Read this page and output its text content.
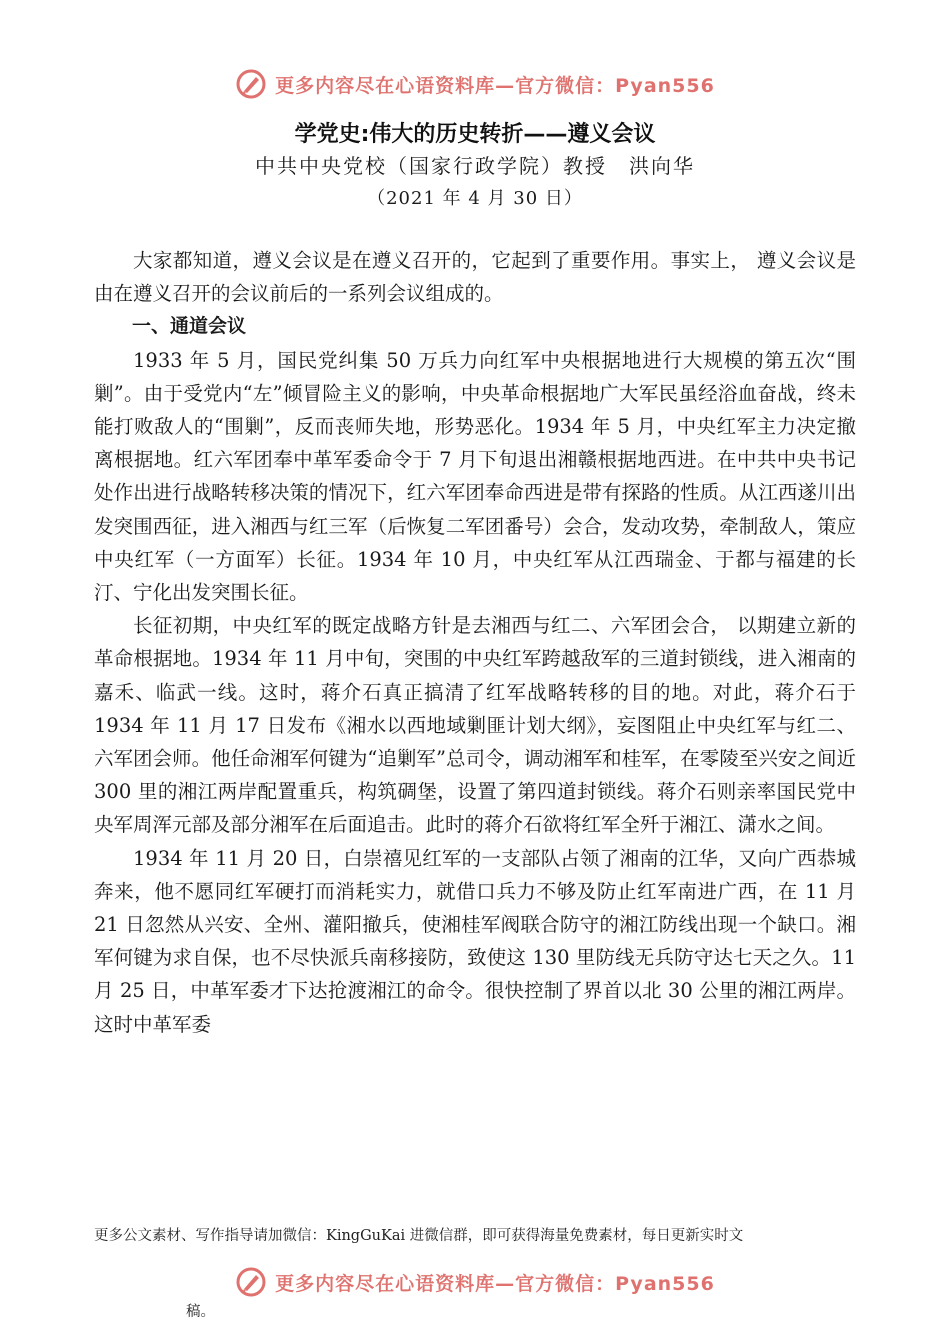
更多内容尽在心语资料库—官方微信：Pyan556
学党史:伟大的历史转折——遵义会议
中共中央党校（国家行政学院）教授　洪向华
（2021 年 4 月 30 日）

大家都知道，遵义会议是在遵义召开的，它起到了重要作用。事实上， 遵义会议是由在遵义召开的会议前后的一系列会议组成的。

一、通道会议

1933 年 5 月，国民党纠集 50 万兵力向红军中央根据地进行大规模的第五次“围剿”。由于受党内“左”倾冒险主义的影响，中央革命根据地广大军民虽经浴血奋战，终未能打败敌人的“围剿”，反而丧师失地，形势恶化。1934 年 5 月，中央红军主力决定撤离根据地。红六军团奉中革军委命令于 7 月下旬退出湘赣根据地西进。在中共中央书记处作出进行战略转移决策的情况下，红六军团奉命西进是带有探路的性质。从江西遂川出发突围西征，进入湘西与红三军（后恢复二军团番号）会合，发动攻势，牵制敌人，策应中央红军（一方面军）长征。1934 年 10 月，中央红军从江西瑞金、于都与福建的长汀、宁化出发突围长征。

长征初期，中央红军的既定战略方针是去湘西与红二、六军团会合， 以期建立新的革命根据地。1934 年 11 月中旬，突围的中央红军跨越敌军的三道封锁线，进入湘南的嘉禾、临武一线。这时，蒋介石真正搞清了红军战略转移的目的地。对此，蒋介石于 1934 年 11 月 17 日发布《湘水以西地域剿匪计划大纲》，妄图阻止中央红军与红二、六军团会师。他任命湘军何键为“追剿军”总司令，调动湘军和桂军，在零陵至兴安之间近 300 里的湘江两岸配置重兵，构筑碉堡，设置了第四道封锁线。蒋介石则亲率国民党中央军周浑元部及部分湘军在后面追击。此时的蒋介石欲将红军全歼于湘江、潇水之间。

1934 年 11 月 20 日，白崇禧见红军的一支部队占领了湘南的江华，又向广西恭城奔来，他不愿同红军硬打而消耗实力，就借口兵力不够及防止红军南进广西，在 11 月 21 日忽然从兴安、全州、灌阳撤兵，使湘桂军阀联合防守的湘江防线出现一个缺口。湘军何键为求自保，也不尽快派兵南移接防，致使这 130 里防线无兵防守达七天之久。11 月 25 日，中革军委才下达抢渡湘江的命令。很快控制了界首以北 30 公里的湘江两岸。这时中革军委

更多公文素材、写作指导请加微信：KingGuKai 进微信群，即可获得海量免费素材，每日更新实时文
更多内容尽在心语资料库—官方微信：Pyan556
稿。
